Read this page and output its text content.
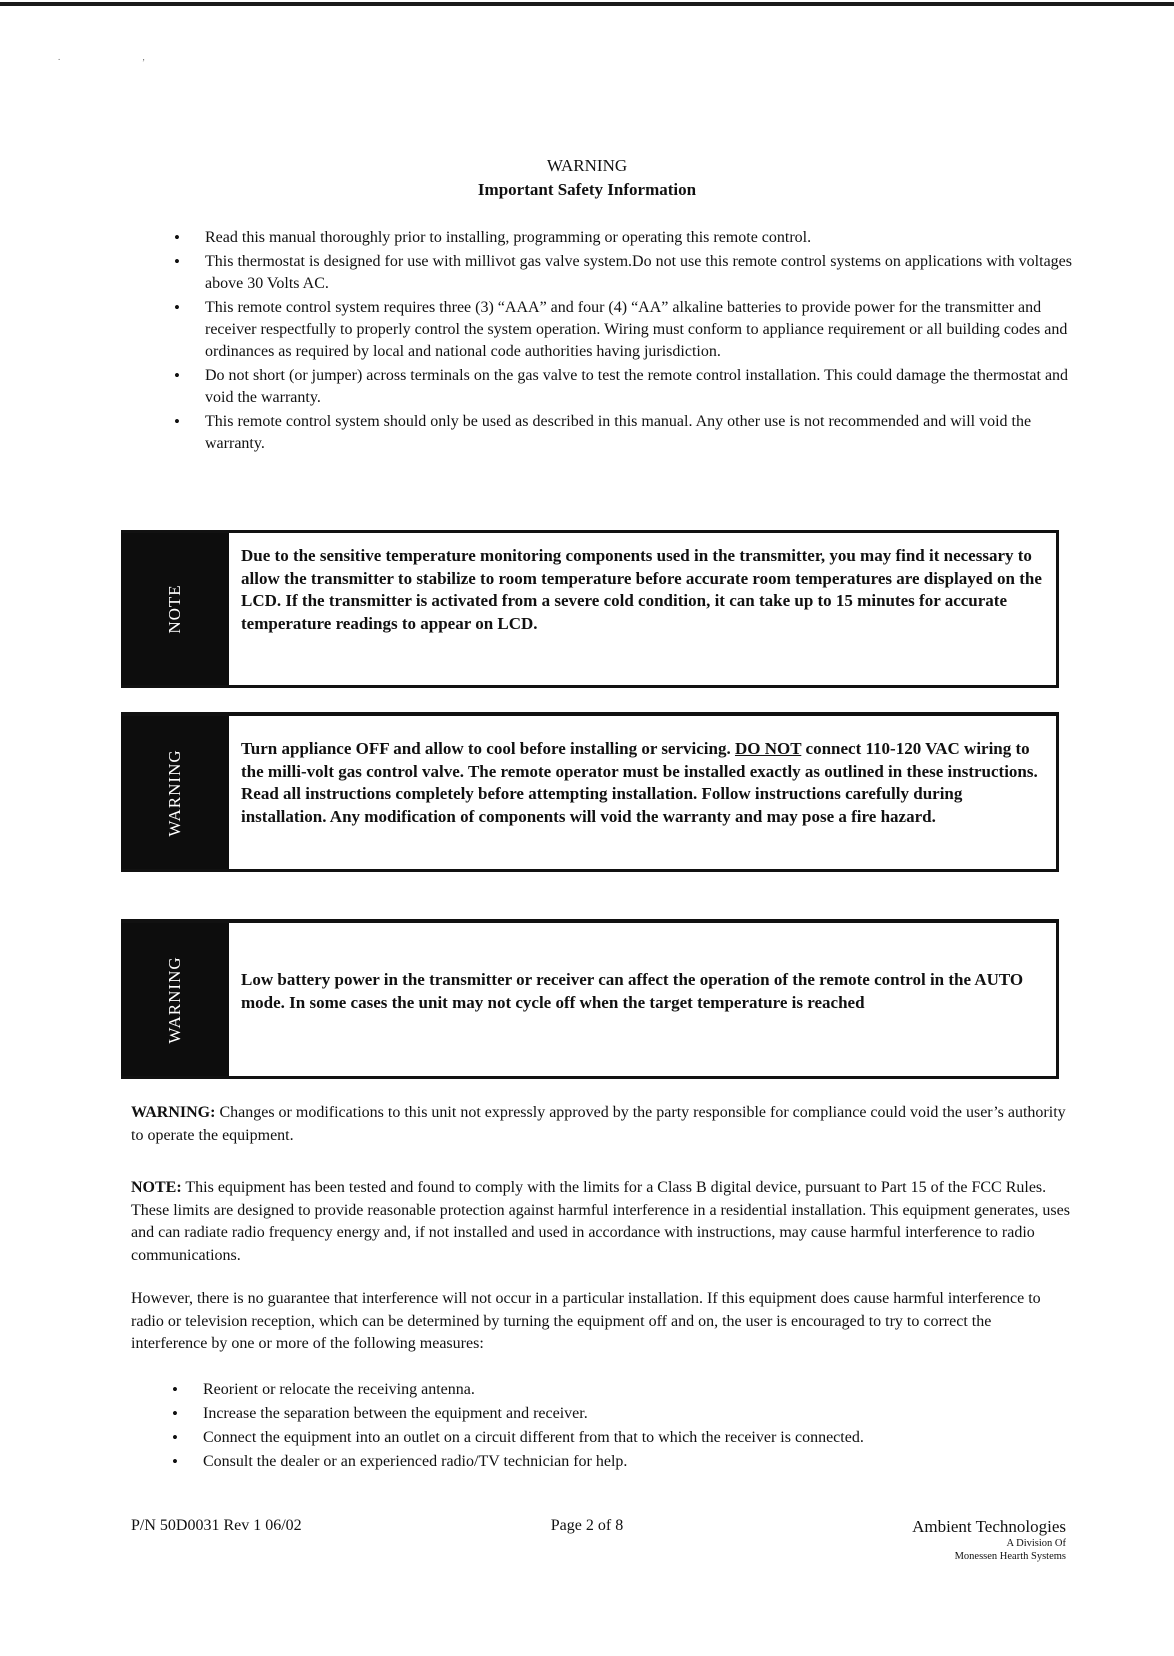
. ,
WARNING
Important Safety Information
• Read this manual thoroughly prior to installing, programming or operating this remote control.
• This thermostat is designed for use with millivot gas valve system.Do not use this remote control systems on applications with voltages above 30 Volts AC.
• This remote control system requires three (3) “AAA” and four (4) “AA” alkaline batteries to provide power for the transmitter and receiver respectfully to properly control the system operation. Wiring must conform to appliance requirement or all building codes and ordinances as required by local and national code authorities having jurisdiction.
• Do not short (or jumper) across terminals on the gas valve to test the remote control installation. This could damage the thermostat and void the warranty.
• This remote control system should only be used as described in this manual. Any other use is not recommended and will void the warranty.
NOTE
Due to the sensitive temperature monitoring components used in the transmitter, you may find it necessary to allow the transmitter to stabilize to room temperature before accurate room temperatures are displayed on the LCD. If the transmitter is activated from a severe cold condition, it can take up to 15 minutes for accurate temperature readings to appear on LCD.
WARNING
Turn appliance OFF and allow to cool before installing or servicing. DO NOT connect 110-120 VAC wiring to the milli-volt gas control valve. The remote operator must be installed exactly as outlined in these instructions. Read all instructions completely before attempting installation. Follow instructions carefully during installation. Any modification of components will void the warranty and may pose a fire hazard.
WARNING	Low battery power in the transmitter or receiver can affect the operation of the remote control in the AUTO mode. In some cases the unit may not cycle off when the target temperature is reached
WARNING: Changes or modifications to this unit not expressly approved by the party responsible for compliance could void the user’s authority to operate the equipment.
NOTE: This equipment has been tested and found to comply with the limits for a Class B digital device, pursuant to Part 15 of the FCC Rules. These limits are designed to provide reasonable protection against harmful interference in a residential installation. This equipment generates, uses and can radiate radio frequency energy and, if not installed and used in accordance with instructions, may cause harmful interference to radio communications.
However, there is no guarantee that interference will not occur in a particular installation. If this equipment does cause harmful interference to radio or television reception, which can be determined by turning the equipment off and on, the user is encouraged to try to correct the interference by one or more of the following measures:
• Reorient or relocate the receiving antenna.
• Increase the separation between the equipment and receiver.
• Connect the equipment into an outlet on a circuit different from that to which the receiver is connected.
• Consult the dealer or an experienced radio/TV technician for help.
P/N 50D0031 Rev 1 06/02	Page 2 of 8	Ambient Technologies
A Division Of
Monessen Hearth Systems
